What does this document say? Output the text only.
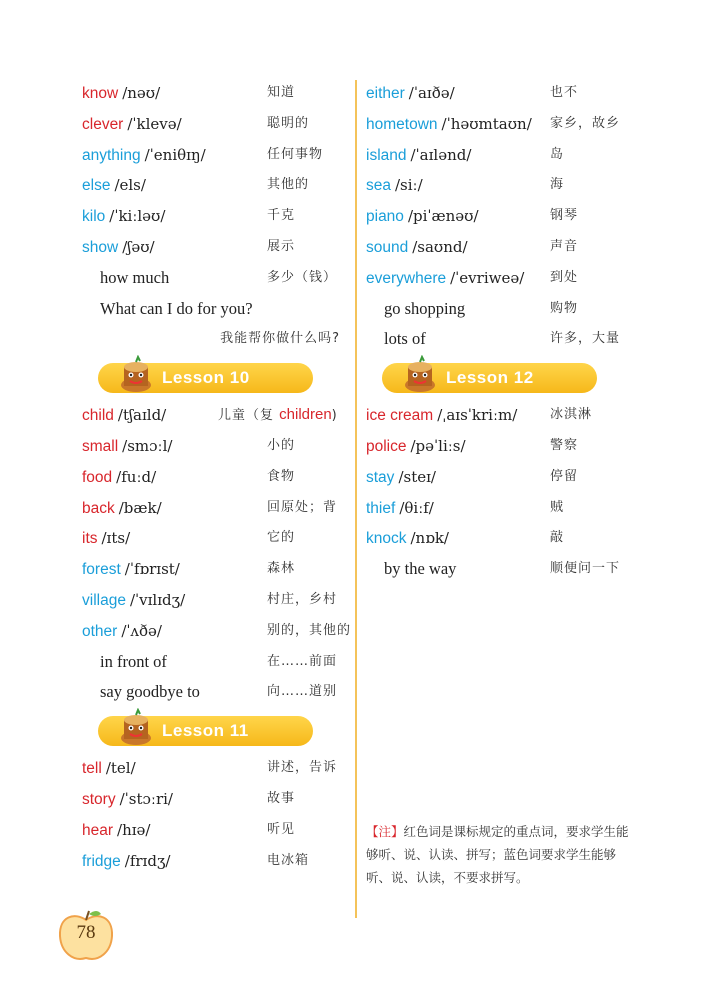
know /nəʊ/	知道
clever /ˈklevə/	聪明的
anything /ˈeniθɪŋ/	任何事物
else /els/	其他的
kilo /ˈkiːləʊ/	千克
show /ʃəʊ/	展示
how much	多少（钱）
What can I do for you?
我能帮你做什么吗?
Lesson 10
child /tʃaɪld/	儿童（复 children)
small /smɔːl/	小的
food /fuːd/	食物
back /bæk/	回原处；背
its /ɪts/	它的
forest /ˈfɒrɪst/	森林
village /ˈvɪlɪdʒ/	村庄，乡村
other /ˈʌðə/	别的，其他的
in front of	在……前面
say goodbye to	向……道别
Lesson 11
tell /tel/	讲述，告诉
story /ˈstɔːri/	故事
hear /hɪə/	听见
fridge /frɪdʒ/	电冰箱
either /ˈaɪðə/	也不
hometown /ˈhəʊmtaʊn/ 家乡，故乡
island /ˈaɪlənd/	岛
sea /siː/	海
piano /piˈænəʊ/	钢琴
sound /saʊnd/	声音
everywhere /ˈevriweə/ 到处
go shopping	购物
lots of	许多，大量
Lesson 12
ice cream /ˌaɪsˈkriːm/	冰淇淋
police /pəˈliːs/	警察
stay /steɪ/	停留
thief /θiːf/	贼
knock /nɒk/	敲
by the way	顺便问一下
【注】红色词是课标规定的重点词，要求学生能够听、说、认读、拼写；蓝色词要求学生能够听、说、认读，不要求拼写。
78
